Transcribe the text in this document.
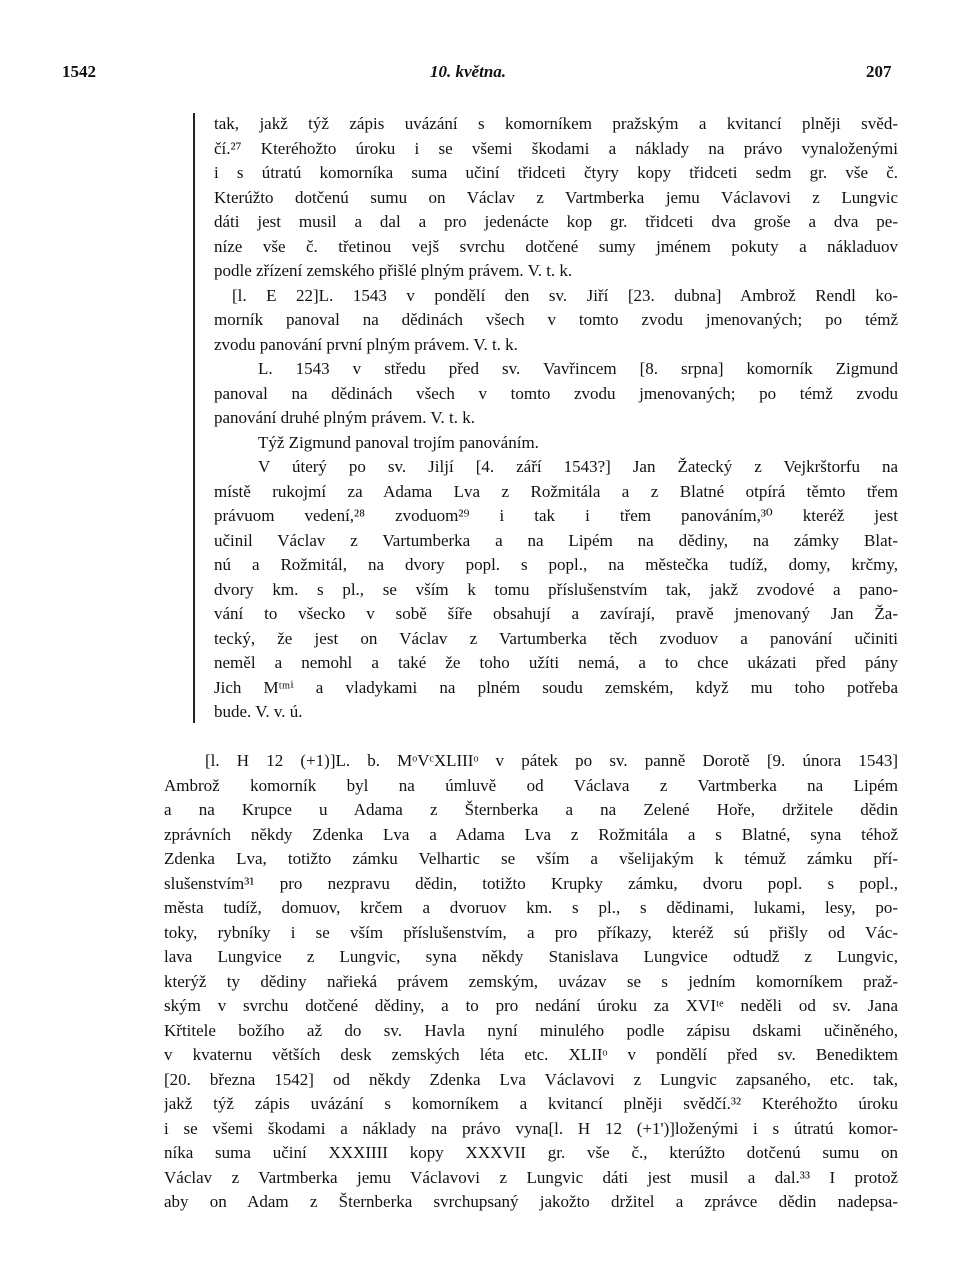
1542	10. května.	207
tak, jakž týž zápis uvázání s komorníkem pražským a kvitancí plněji svěd-
čí.²⁷ Kteréhožto úroku i se všemi škodami a náklady na právo vynaloženými
i s útratú komorníka suma učiní třidceti čtyry kopy třidceti sedm gr. vše č.
Kterúžto dotčenú sumu on Václav z Vartmberka jemu Václavovi z Lungvic
dáti jest musil a dal a pro jedenácte kop gr. třidceti dva groše a dva pe-
níze vše č. třetinou vejš svrchu dotčené sumy jménem pokuty a nákladuov
podle zřízení zemského přišlé plným právem. V. t. k.
[l. E 22]L. 1543 v pondělí den sv. Jiří [23. dubna] Ambrož Rendl ko-
morník panoval na dědinách všech v tomto zvodu jmenovaných; po témž
zvodu panování první plným právem. V. t. k.
L. 1543 v středu před sv. Vavřincem [8. srpna] komorník Zigmund
panoval na dědinách všech v tomto zvodu jmenovaných; po témž zvodu
panování druhé plným právem. V. t. k.
Týž Zigmund panoval trojím panováním.
V úterý po sv. Jiljí [4. září 1543?] Jan Žatecký z Vejkrštorfu na
místě rukojmí za Adama Lva z Rožmitála a z Blatné otpírá těmto třem
právuom vedení,²⁸ zvoduom²⁹ i tak i třem panováním,³⁰ kteréž jest
učinil Václav z Vartumberka a na Lipém na dědiny, na zámky Blat-
nú a Rožmitál, na dvory popl. s popl., na městečka tudíž, domy, krčmy,
dvory km. s pl., se vším k tomu příslušenstvím tak, jakž zvodové a pano-
vání to všecko v sobě šíře obsahují a zavírají, pravě jmenovaný Jan Ža-
tecký, že jest on Václav z Vartumberka těch zvoduov a panování učiniti
neměl a nemohl a také že toho užíti nemá, a to chce ukázati před pány
Jich Mᵗᵐⁱ a vladykami na plném soudu zemském, když mu toho potřeba
bude. V. v. ú.
[l. H 12 (+1)]L. b. MᵒVᶜXLIIIᵒ v pátek po sv. panně Dorotě [9. února 1543]
Ambrož komorník byl na úmluvě od Václava z Vartmberka na Lipém
a na Krupce u Adama z Šternberka a na Zelené Hoře, držitele dědin
zprávních někdy Zdenka Lva a Adama Lva z Rožmitála a s Blatné, syna téhož
Zdenka Lva, totižto zámku Velhartic se vším a všelijakým k témuž zámku pří-
slušenstvím³¹ pro nezpravu dědin, totižto Krupky zámku, dvoru popl. s popl.,
města tudíž, domuov, krčem a dvoruov km. s pl., s dědinami, lukami, lesy, po-
toky, rybníky i se vším příslušenstvím, a pro příkazy, kteréž sú přišly od Vác-
lava Lungvice z Lungvic, syna někdy Stanislava Lungvice odtudž z Lungvic,
kterýž ty dědiny nařieká právem zemským, uvázav se s jedním komorníkem praž-
ským v svrchu dotčené dědiny, a to pro nedání úroku za XVIᵗᵉ neděli od sv. Jana
Křtitele božího až do sv. Havla nyní minulého podle zápisu dskami učiněného,
v kvaternu větších desk zemských léta etc. XLIIᵒ v pondělí před sv. Benediktem
[20. března 1542] od někdy Zdenka Lva Václavovi z Lungvic zapsaného, etc. tak,
jakž týž zápis uvázání s komorníkem a kvitancí plněji svědčí.³² Kteréhožto úroku
i se všemi škodami a náklady na právo vyna[l. H 12 (+1')]loženými i s útratú komor-
níka suma učiní XXXIIII kopy XXXVII gr. vše č., kterúžto dotčenú sumu on
Václav z Vartmberka jemu Václavovi z Lungvic dáti jest musil a dal.³³ I protož
aby on Adam z Šternberka svrchupsaný jakožto držitel a zprávce dědin nadepsa-
